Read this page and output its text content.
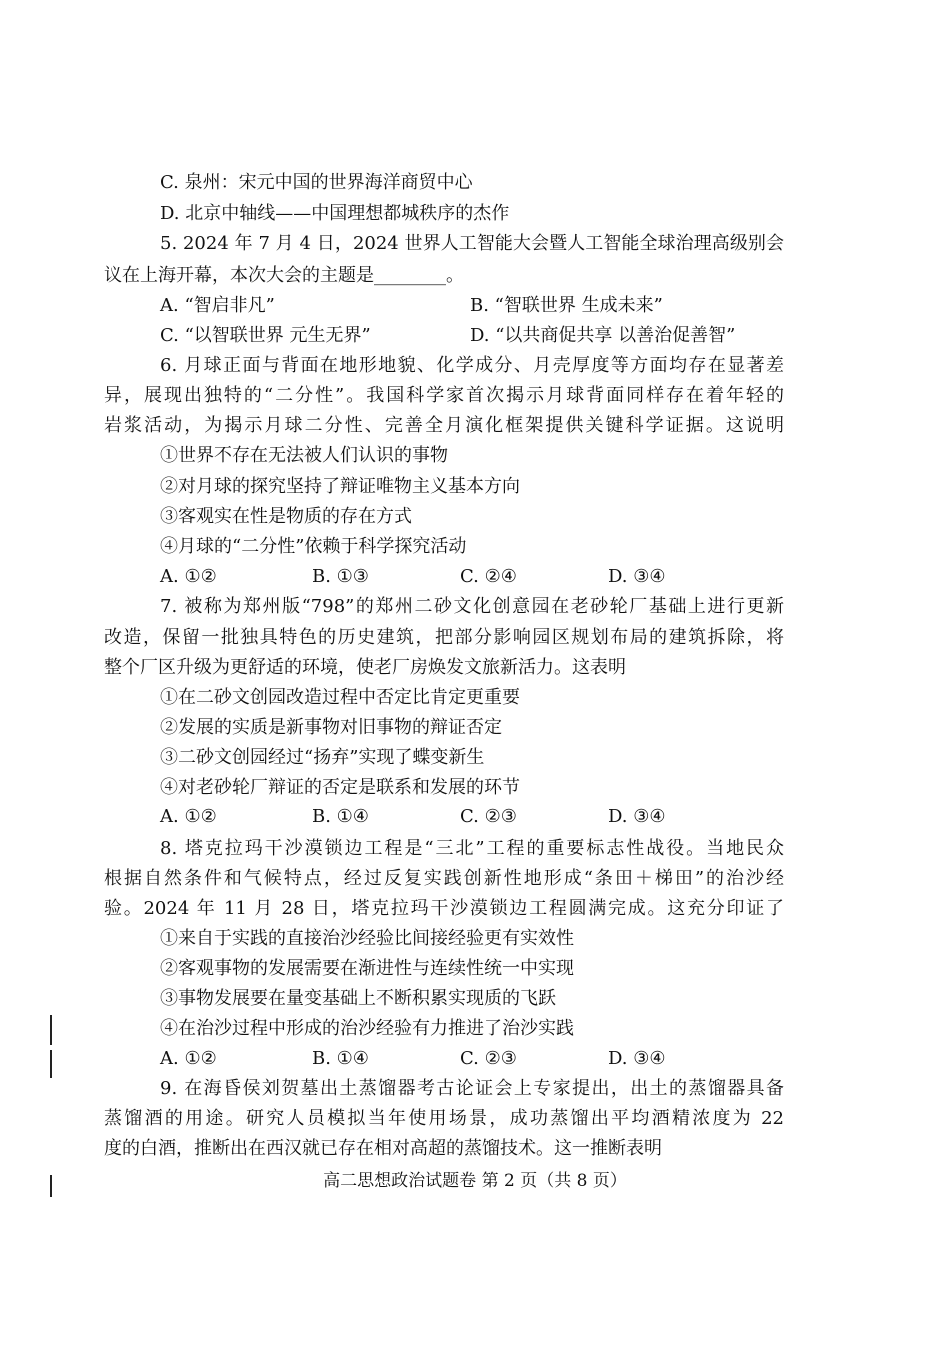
C. 泉州：宋元中国的世界海洋商贸中心
D. 北京中轴线——中国理想都城秩序的杰作
5. 2024 年 7 月 4 日，2024 世界人工智能大会暨人工智能全球治理高级别会
议在上海开幕，本次大会的主题是________。
A. “智启非凡”	B. “智联世界 生成未来”
C. “以智联世界 元生无界”	D. “以共商促共享 以善治促善智”
6. 月球正面与背面在地形地貌、化学成分、月壳厚度等方面均存在显著差
异，展现出独特的“二分性”。我国科学家首次揭示月球背面同样存在着年轻的
岩浆活动，为揭示月球二分性、完善全月演化框架提供关键科学证据。这说明
①世界不存在无法被人们认识的事物
②对月球的探究坚持了辩证唯物主义基本方向
③客观实在性是物质的存在方式
④月球的“二分性”依赖于科学探究活动
A. ①②	B. ①③	C. ②④	D. ③④
7. 被称为郑州版“798”的郑州二砂文化创意园在老砂轮厂基础上进行更新
改造，保留一批独具特色的历史建筑，把部分影响园区规划布局的建筑拆除，将
整个厂区升级为更舒适的环境，使老厂房焕发文旅新活力。这表明
①在二砂文创园改造过程中否定比肯定更重要
②发展的实质是新事物对旧事物的辩证否定
③二砂文创园经过“扬弃”实现了蝶变新生
④对老砂轮厂辩证的否定是联系和发展的环节
A. ①②	B. ①④	C. ②③	D. ③④
8. 塔克拉玛干沙漠锁边工程是“三北”工程的重要标志性战役。当地民众
根据自然条件和气候特点，经过反复实践创新性地形成“条田＋梯田”的治沙经
验。2024 年 11 月 28 日，塔克拉玛干沙漠锁边工程圆满完成。这充分印证了
①来自于实践的直接治沙经验比间接经验更有实效性
②客观事物的发展需要在渐进性与连续性统一中实现
③事物发展要在量变基础上不断积累实现质的飞跃
④在治沙过程中形成的治沙经验有力推进了治沙实践
A. ①②	B. ①④	C. ②③	D. ③④
9. 在海昏侯刘贺墓出土蒸馏器考古论证会上专家提出，出土的蒸馏器具备
蒸馏酒的用途。研究人员模拟当年使用场景，成功蒸馏出平均酒精浓度为 22
度的白酒，推断出在西汉就已存在相对高超的蒸馏技术。这一推断表明
高二思想政治试题卷 第 2 页（共 8 页）
